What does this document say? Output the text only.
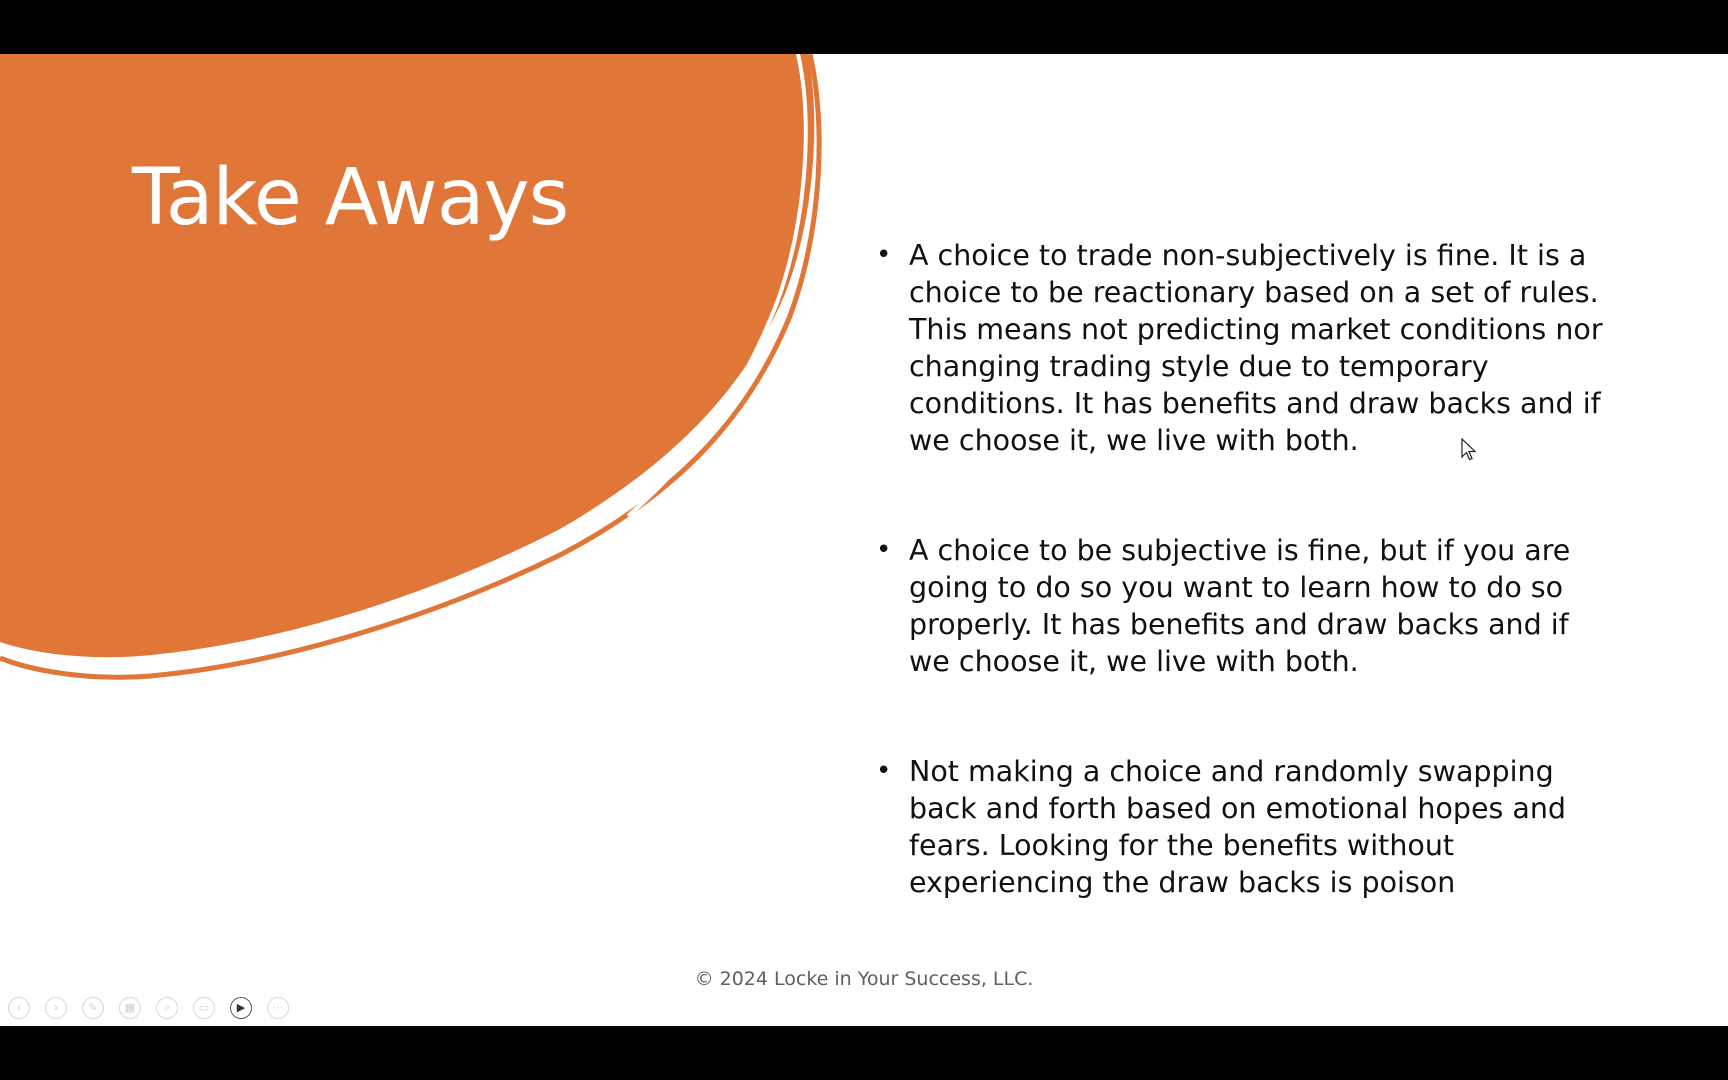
Take Aways
• A choice to trade non-subjectively is fine. It is a choice to be reactionary based on a set of rules. This means not predicting market conditions nor changing trading style due to temporary conditions. It has benefits and draw backs and if we choose it, we live with both.
• A choice to be subjective is fine, but if you are going to do so you want to learn how to do so properly. It has benefits and draw backs and if we choose it, we live with both.
• Not making a choice and randomly swapping back and forth based on emotional hopes and fears. Looking for the benefits without experiencing the draw backs is poison
© 2024 Locke in Your Success, LLC.
‹	›	✎ ▦	⌕	▭	▶ ⋯
